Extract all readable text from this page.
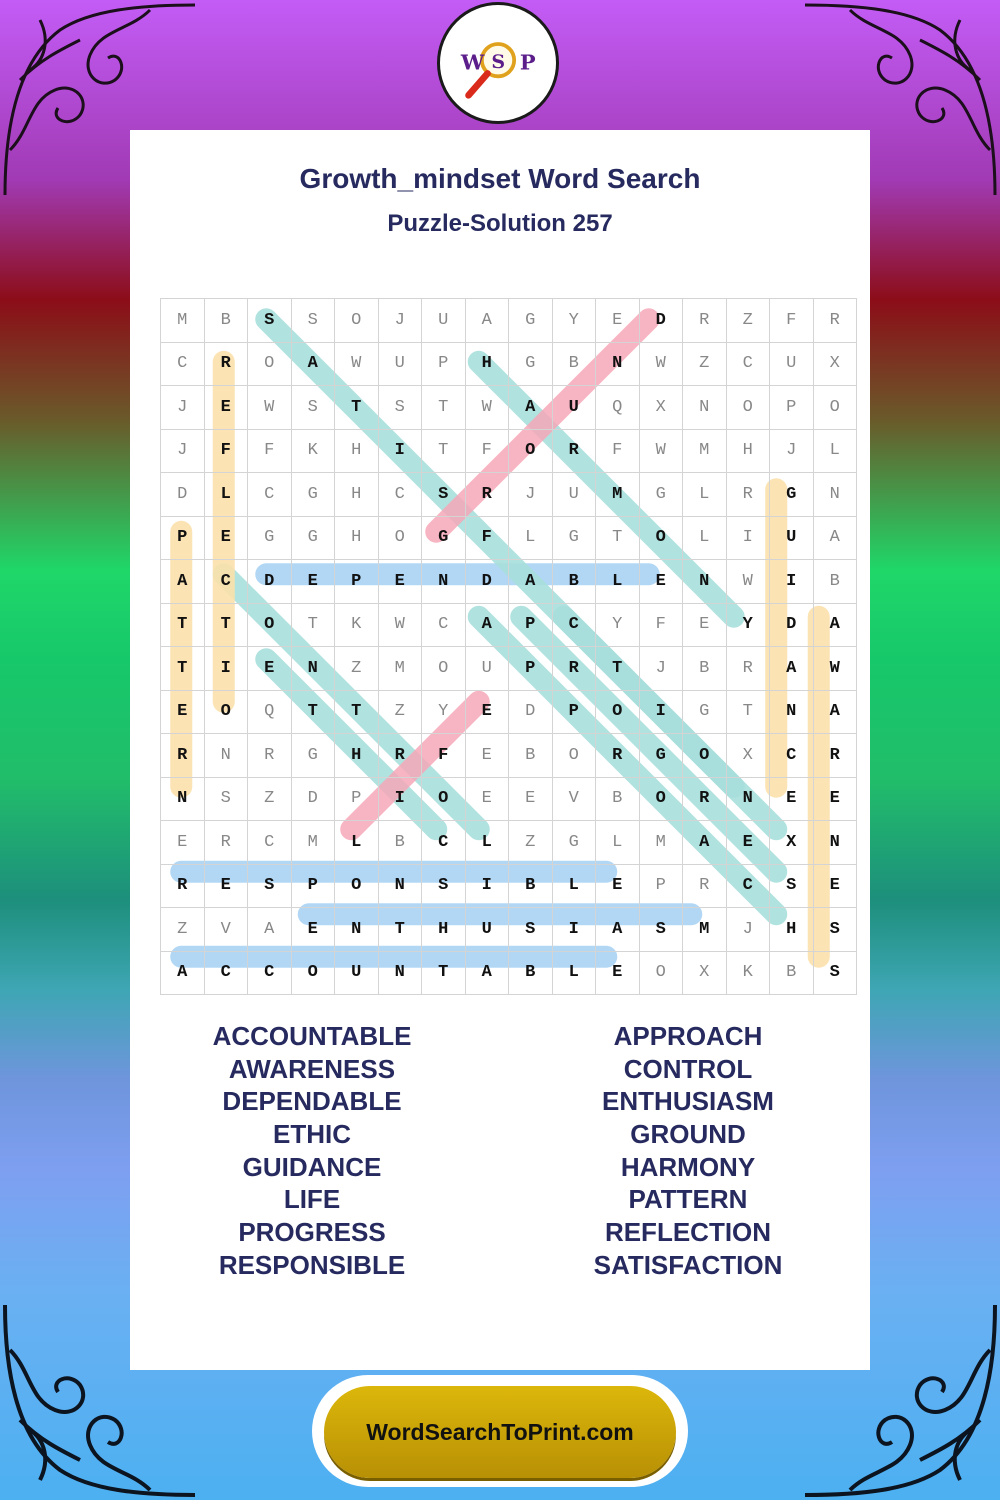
W S P
Growth_mindset Word Search
Puzzle-Solution 257
M	B	S	S	O	J	U	A	G	Y	E	D	R	Z	F	R
C	R	O	A	W	U	P	H	G	B	N	W	Z	C	U	X
J	E	W	S	T	S	T	W	A	U	Q	X	N	O	P	O
J	F	F	K	H	I	T	F	O	R	F	W	M	H	J	L
D	L	C	G	H	C	S	R	J	U	M	G	L	R	G	N
P	E	G	G	H	O	G	F	L	G	T	O	L	I	U	A
A	C	D	E	P	E	N	D	A	B	L	E	N	W	I	B
T	T	O	T	K	W	C	A	P	C	Y	F	E	Y	D	A
T	I	E	N	Z	M	O	U	P	R	T	J	B	R	A	W
E	O	Q	T	T	Z	Y	E	D	P	O	I	G	T	N	A
R	N	R	G	H	R	F	E	B	O	R	G	O	X	C	R
N	S	Z	D	P	I	O	E	E	V	B	O	R	N	E	E
E	R	C	M	L	B	C	L	Z	G	L	M	A	E	X	N
R	E	S	P	O	N	S	I	B	L	E	P	R	C	S	E
Z	V	A	E	N	T	H	U	S	I	A	S	M	J	H	S
A	C	C	O	U	N	T	A	B	L	E	O	X	K	B	S
ACCOUNTABLE
AWARENESS
DEPENDABLE
ETHIC
GUIDANCE
LIFE
PROGRESS
RESPONSIBLE
APPROACH
CONTROL
ENTHUSIASM
GROUND
HARMONY
PATTERN
REFLECTION
SATISFACTION
WordSearchToPrint.com
